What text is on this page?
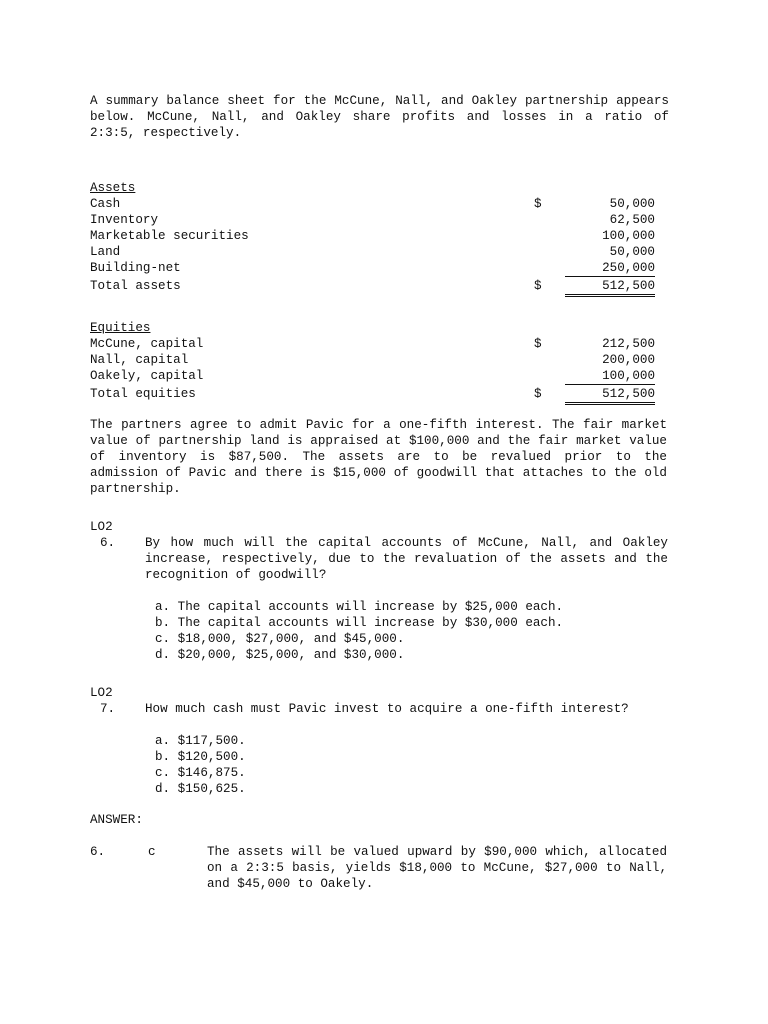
A summary balance sheet for the McCune, Nall, and Oakley partnership appears below. McCune, Nall, and Oakley share profits and losses in a ratio of 2:3:5, respectively.

Assets
Cash	$	50,000
Inventory	62,500
Marketable securities	100,000
Land	50,000
Building-net	250,000
Total assets	$	512,500
Equities
McCune, capital	$	212,500
Nall, capital	200,000
Oakely, capital	100,000
Total equities	$	512,500

The partners agree to admit Pavic for a one-fifth interest. The fair market value of partnership land is appraised at $100,000 and the fair market value of inventory is $87,500. The assets are to be revalued prior to the admission of Pavic and there is $15,000 of goodwill that attaches to the old partnership.

LO2
6. By how much will the capital accounts of McCune, Nall, and Oakley increase, respectively, due to the revaluation of the assets and the recognition of goodwill?
a. The capital accounts will increase by $25,000 each.
b. The capital accounts will increase by $30,000 each.
c. $18,000, $27,000, and $45,000.
d. $20,000, $25,000, and $30,000.
LO2
7. How much cash must Pavic invest to acquire a one-fifth interest?
a. $117,500.
b. $120,500.
c. $146,875.
d. $150,625.
ANSWER:
6.	c	The assets will be valued upward by $90,000 which, allocated on a 2:3:5 basis, yields $18,000 to McCune, $27,000 to Nall, and $45,000 to Oakely.
